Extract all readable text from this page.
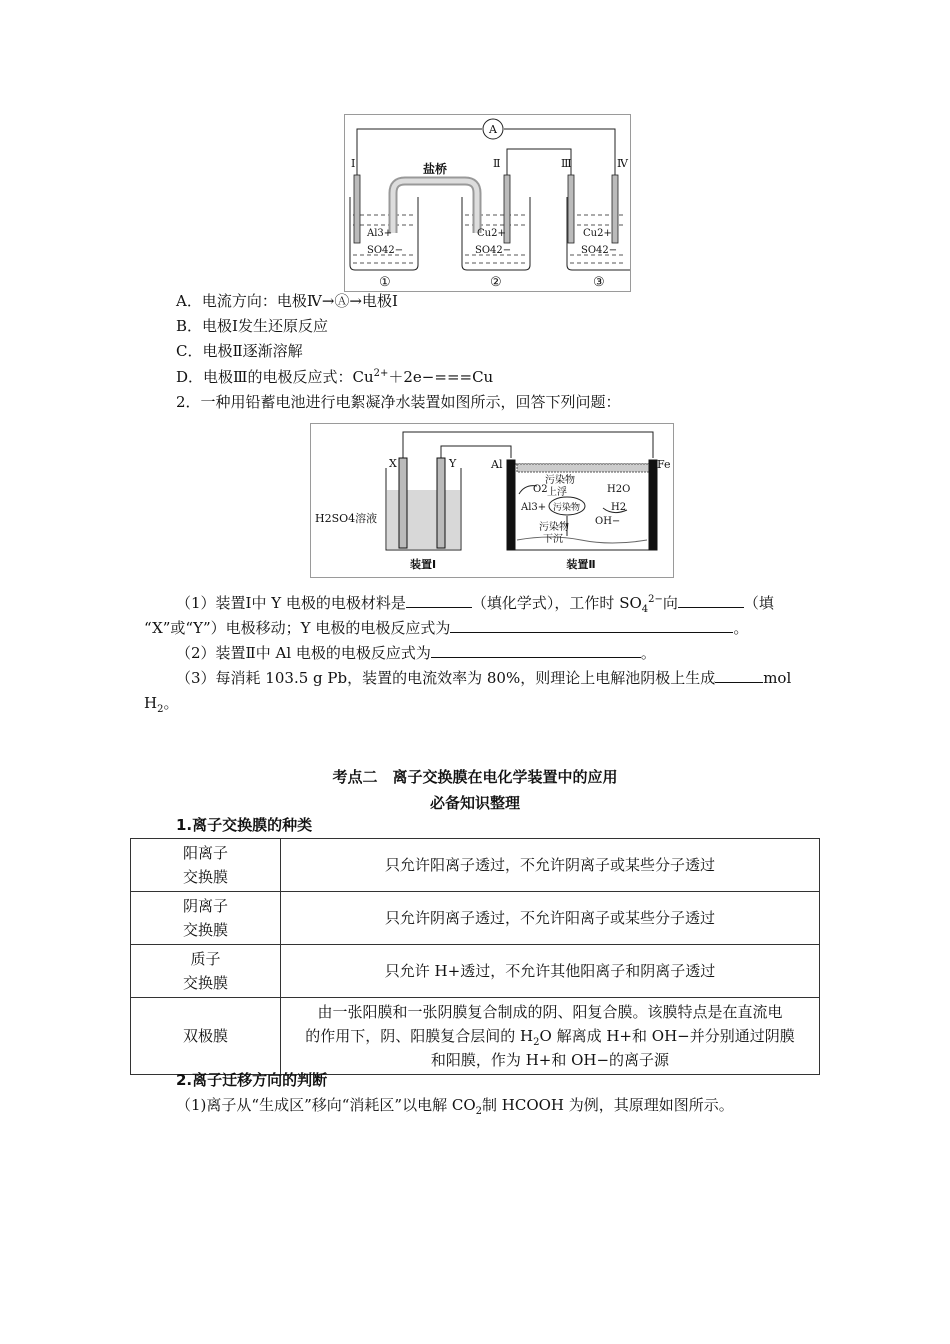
A
Ⅰ	Ⅱ	Ⅲ	Ⅳ
盐桥
Al3+
SO42−
①
Cu2+
SO42−
②
Cu2+
SO42−
③
A．电流方向：电极Ⅳ→Ⓐ→电极Ⅰ
B．电极Ⅰ发生还原反应
C．电极Ⅱ逐渐溶解
D．电极Ⅲ的电极反应式：$Cu^{2+}+2e-===Cu$
2．一种用铅蓄电池进行电絮凝净水装置如图所示，回答下列问题：
X	Y	Al	Fe
H2SO4溶液
装置Ⅰ	装置Ⅱ
污染物
上浮
O2
Al3+ 污染物
H2O
H2
OH−
污染物
下沉
（1）装置Ⅰ中 Y 电极的电极材料是	（填化学式），工作时 $SO_4^{2-}$向	（填
“X”或“Y”）电极移动；Y 电极的电极反应式为	。
（2）装置Ⅱ中 Al 电极的电极反应式为	。
（3）每消耗 103.5 g Pb，装置的电流效率为 80%，则理论上电解池阴极上生成	mol
$H_2$。
考点二　离子交换膜在电化学装置中的应用
必备知识整理
1.离子交换膜的种类
阳离子
交换膜	只允许阳离子透过，不允许阴离子或某些分子透过
阴离子
交换膜	只允许阴离子透过，不允许阳离子或某些分子透过
质子
交换膜	只允许 H+透过，不允许其他阳离子和阴离子透过
双极膜	由一张阳膜和一张阴膜复合制成的阴、阳复合膜。该膜特点是在直流电
的作用下，阴、阳膜复合层间的 $H_2O$ 解离成 H+和 OH−并分别通过阴膜
和阳膜，作为 H+和 OH−的离子源
2.离子迁移方向的判断
（1)离子从“生成区”移向“消耗区”以电解 $CO_2$制 HCOOH 为例，其原理如图所示。
